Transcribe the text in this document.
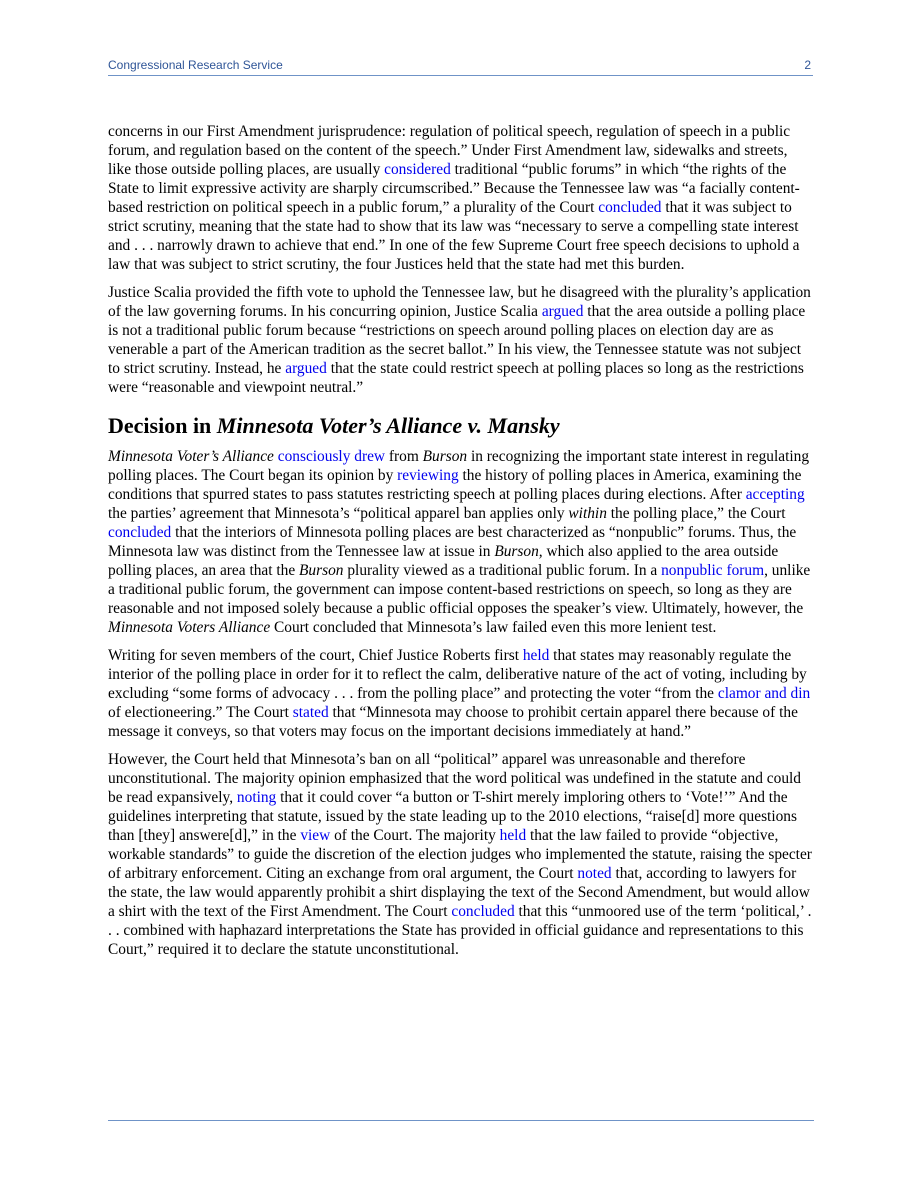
Congressional Research Service	2

concerns in our First Amendment jurisprudence: regulation of political speech, regulation of speech in a public forum, and regulation based on the content of the speech.” Under First Amendment law, sidewalks and streets, like those outside polling places, are usually considered traditional “public forums” in which “the rights of the State to limit expressive activity are sharply circumscribed.” Because the Tennessee law was “a facially content-based restriction on political speech in a public forum,” a plurality of the Court concluded that it was subject to strict scrutiny, meaning that the state had to show that its law was “necessary to serve a compelling state interest and . . . narrowly drawn to achieve that end.” In one of the few Supreme Court free speech decisions to uphold a law that was subject to strict scrutiny, the four Justices held that the state had met this burden.

Justice Scalia provided the fifth vote to uphold the Tennessee law, but he disagreed with the plurality’s application of the law governing forums. In his concurring opinion, Justice Scalia argued that the area outside a polling place is not a traditional public forum because “restrictions on speech around polling places on election day are as venerable a part of the American tradition as the secret ballot.” In his view, the Tennessee statute was not subject to strict scrutiny. Instead, he argued that the state could restrict speech at polling places so long as the restrictions were “reasonable and viewpoint neutral.”

Decision in Minnesota Voter’s Alliance v. Mansky

Minnesota Voter’s Alliance consciously drew from Burson in recognizing the important state interest in regulating polling places. The Court began its opinion by reviewing the history of polling places in America, examining the conditions that spurred states to pass statutes restricting speech at polling places during elections. After accepting the parties’ agreement that Minnesota’s “political apparel ban applies only within the polling place,” the Court concluded that the interiors of Minnesota polling places are best characterized as “nonpublic” forums. Thus, the Minnesota law was distinct from the Tennessee law at issue in Burson, which also applied to the area outside polling places, an area that the Burson plurality viewed as a traditional public forum. In a nonpublic forum, unlike a traditional public forum, the government can impose content-based restrictions on speech, so long as they are reasonable and not imposed solely because a public official opposes the speaker’s view. Ultimately, however, the Minnesota Voters Alliance Court concluded that Minnesota’s law failed even this more lenient test.

Writing for seven members of the court, Chief Justice Roberts first held that states may reasonably regulate the interior of the polling place in order for it to reflect the calm, deliberative nature of the act of voting, including by excluding “some forms of advocacy . . . from the polling place” and protecting the voter “from the clamor and din of electioneering.” The Court stated that “Minnesota may choose to prohibit certain apparel there because of the message it conveys, so that voters may focus on the important decisions immediately at hand.”

However, the Court held that Minnesota’s ban on all “political” apparel was unreasonable and therefore unconstitutional. The majority opinion emphasized that the word political was undefined in the statute and could be read expansively, noting that it could cover “a button or T-shirt merely imploring others to ‘Vote!’” And the guidelines interpreting that statute, issued by the state leading up to the 2010 elections, “raise[d] more questions than [they] answere[d],” in the view of the Court. The majority held that the law failed to provide “objective, workable standards” to guide the discretion of the election judges who implemented the statute, raising the specter of arbitrary enforcement. Citing an exchange from oral argument, the Court noted that, according to lawyers for the state, the law would apparently prohibit a shirt displaying the text of the Second Amendment, but would allow a shirt with the text of the First Amendment. The Court concluded that this “unmoored use of the term ‘political,’ . . . combined with haphazard interpretations the State has provided in official guidance and representations to this Court,” required it to declare the statute unconstitutional.
